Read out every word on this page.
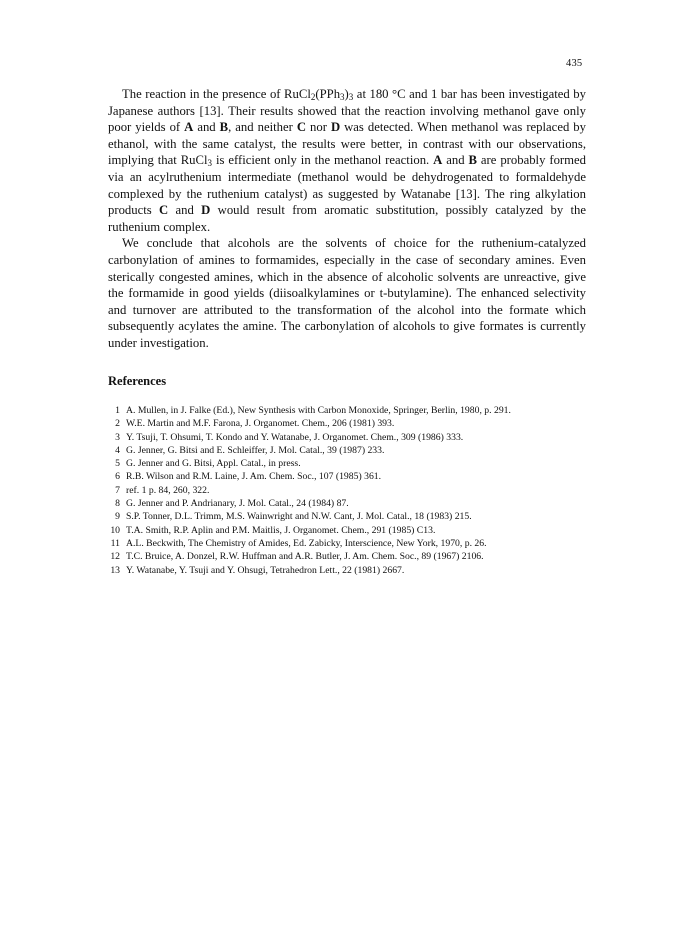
435

The reaction in the presence of $RuCl_2(PPh_3)_3$ at 180 °C and 1 bar has been investigated by Japanese authors [13]. Their results showed that the reaction involving methanol gave only poor yields of A and B, and neither C nor D was detected. When methanol was replaced by ethanol, with the same catalyst, the results were better, in contrast with our observations, implying that RuCl$_3$ is efficient only in the methanol reaction. A and B are probably formed via an acylruthenium intermediate (methanol would be dehydrogenated to formaldehyde complexed by the ruthenium catalyst) as suggested by Watanabe [13]. The ring alkylation products C and D would result from aromatic substitution, possibly catalyzed by the ruthenium complex.

We conclude that alcohols are the solvents of choice for the ruthenium-catalyzed carbonylation of amines to formamides, especially in the case of secondary amines. Even sterically congested amines, which in the absence of alcoholic solvents are unreactive, give the formamide in good yields (diisoalkylamines or t-butylamine). The enhanced selectivity and turnover are attributed to the transformation of the alcohol into the formate which subsequently acylates the amine. The carbonylation of alcohols to give formates is currently under investigation.

References
1 A. Mullen, in J. Falke (Ed.), New Synthesis with Carbon Monoxide, Springer, Berlin, 1980, p. 291.
2 W.E. Martin and M.F. Farona, J. Organomet. Chem., 206 (1981) 393.
3 Y. Tsuji, T. Ohsumi, T. Kondo and Y. Watanabe, J. Organomet. Chem., 309 (1986) 333.
4 G. Jenner, G. Bitsi and E. Schleiffer, J. Mol. Catal., 39 (1987) 233.
5 G. Jenner and G. Bitsi, Appl. Catal., in press.
6 R.B. Wilson and R.M. Laine, J. Am. Chem. Soc., 107 (1985) 361.
7 ref. 1 p. 84, 260, 322.
8 G. Jenner and P. Andrianary, J. Mol. Catal., 24 (1984) 87.
9 S.P. Tonner, D.L. Trimm, M.S. Wainwright and N.W. Cant, J. Mol. Catal., 18 (1983) 215.
10 T.A. Smith, R.P. Aplin and P.M. Maitlis, J. Organomet. Chem., 291 (1985) C13.
11 A.L. Beckwith, The Chemistry of Amides, Ed. Zabicky, Interscience, New York, 1970, p. 26.
12 T.C. Bruice, A. Donzel, R.W. Huffman and A.R. Butler, J. Am. Chem. Soc., 89 (1967) 2106.
13 Y. Watanabe, Y. Tsuji and Y. Ohsugi, Tetrahedron Lett., 22 (1981) 2667.
